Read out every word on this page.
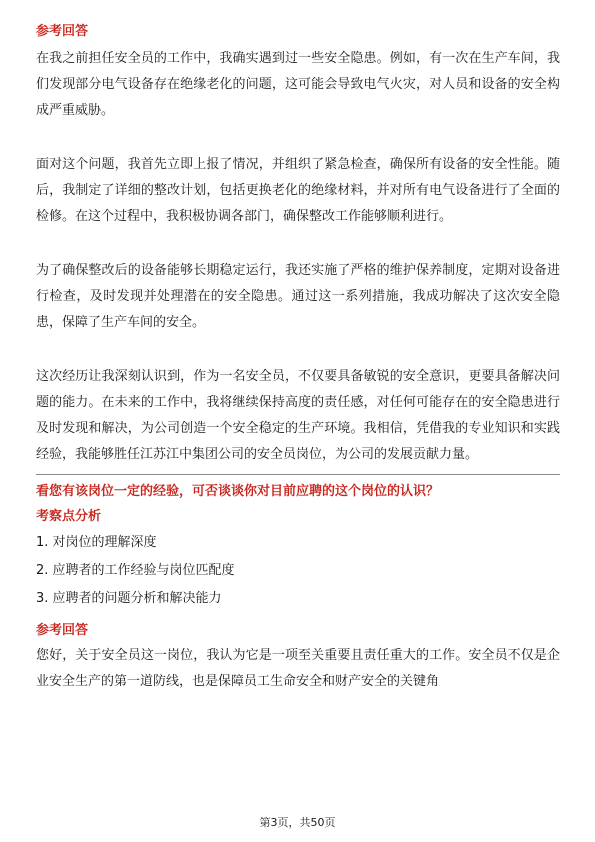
参考回答

在我之前担任安全员的工作中，我确实遇到过一些安全隐患。例如，有一次在生产车间，我们发现部分电气设备存在绝缘老化的问题，这可能会导致电气火灾，对人员和设备的安全构成严重威胁。

面对这个问题，我首先立即上报了情况，并组织了紧急检查，确保所有设备的安全性能。随后，我制定了详细的整改计划，包括更换老化的绝缘材料，并对所有电气设备进行了全面的检修。在这个过程中，我积极协调各部门，确保整改工作能够顺利进行。

为了确保整改后的设备能够长期稳定运行，我还实施了严格的维护保养制度，定期对设备进行检查，及时发现并处理潜在的安全隐患。通过这一系列措施，我成功解决了这次安全隐患，保障了生产车间的安全。

这次经历让我深刻认识到，作为一名安全员，不仅要具备敏锐的安全意识，更要具备解决问题的能力。在未来的工作中，我将继续保持高度的责任感，对任何可能存在的安全隐患进行及时发现和解决，为公司创造一个安全稳定的生产环境。我相信，凭借我的专业知识和实践经验，我能够胜任江苏江中集团公司的安全员岗位，为公司的发展贡献力量。

看您有该岗位一定的经验，可否谈谈你对目前应聘的这个岗位的认识？

考察点分析

1. 对岗位的理解深度

2. 应聘者的工作经验与岗位匹配度

3. 应聘者的问题分析和解决能力

参考回答

您好，关于安全员这一岗位，我认为它是一项至关重要且责任重大的工作。安全员不仅是企业安全生产的第一道防线，也是保障员工生命安全和财产安全的关键角

第3页，共50页
